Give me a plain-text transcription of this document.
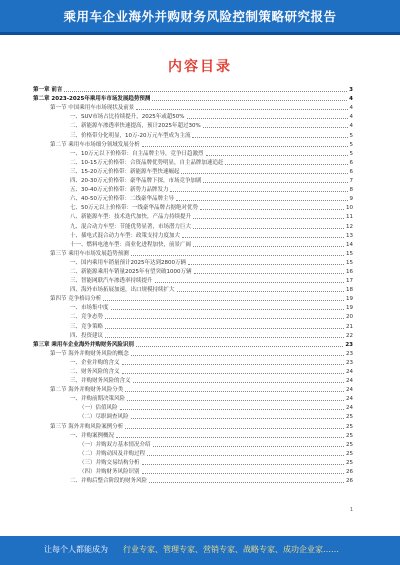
乘用车企业海外并购财务风险控制策略研究报告
内容目录
第一章 前言	3
第二章 2023-2025年乘用车市场发展趋势预测	4
第一节 中国乘用车市场现状及前景	4
一、SUV市场占比持续提升，2025年或超50%	4
二、新能源车渗透率快速提高，预计2025年超过30%	4
三、价格带分化明显，10万-20万元车型成为主流	5
第二节 乘用车市场细分领域发展分析	5
一、10万元以下价格带：自主品牌主导，竞争日趋激烈	5
二、10-15万元价格带：合资品牌优势明显，自主品牌加速追赶	6
三、15-20万元价格带：新能源车型快速崛起	6
四、20-30万元价格带：豪华品牌下探，市场竞争加剧	7
五、30-40万元价格带：新势力品牌发力	8
六、40-50万元价格带：二线豪华品牌主导	9
七、50万元以上价格带：一线豪华品牌占据绝对优势	10
八、新能源车型：技术迭代加快，产品力持续提升	11
九、混合动力车型：节能优势显著，市场潜力巨大	12
十、插电式混合动力车型：政策支持力度加大	13
十一、燃料电池车型：商业化进程加快，前景广阔	14
第三节 乘用车市场发展趋势预测	15
一、国内乘用车销量预计2025年达到2800万辆	15
二、新能源乘用车销量2025年有望突破1000万辆	16
三、智能网联汽车渗透率持续提升	17
四、海外市场拓展加速，出口规模持续扩大	18
第四节 竞争格局分析	19
一、市场集中度	19
二、竞争态势	20
三、竞争策略	21
四、投资建议	22
第三章 乘用车企业海外并购财务风险识别	23
第一节 海外并购财务风险的概念	23
一、企业并购的含义	23
二、财务风险的含义	24
三、并购财务风险的含义	24
第二节 海外并购财务风险分类	24
一、并购前期决策风险	24
（一）估值风险	24
（二）尽职调查风险	25
第三节 海外并购风险案例分析	25
一、并购案例概况	25
（一）并购双方基本情况介绍	25
（二）并购动因及并购过程	25
（三）并购交易结构分析	25
（四）并购财务风险识别	26
二、并购后整合阶段的财务风险	26
1
让每个人都能成为 行业专家、管理专家、营销专家、战略专家、成功企业家……
